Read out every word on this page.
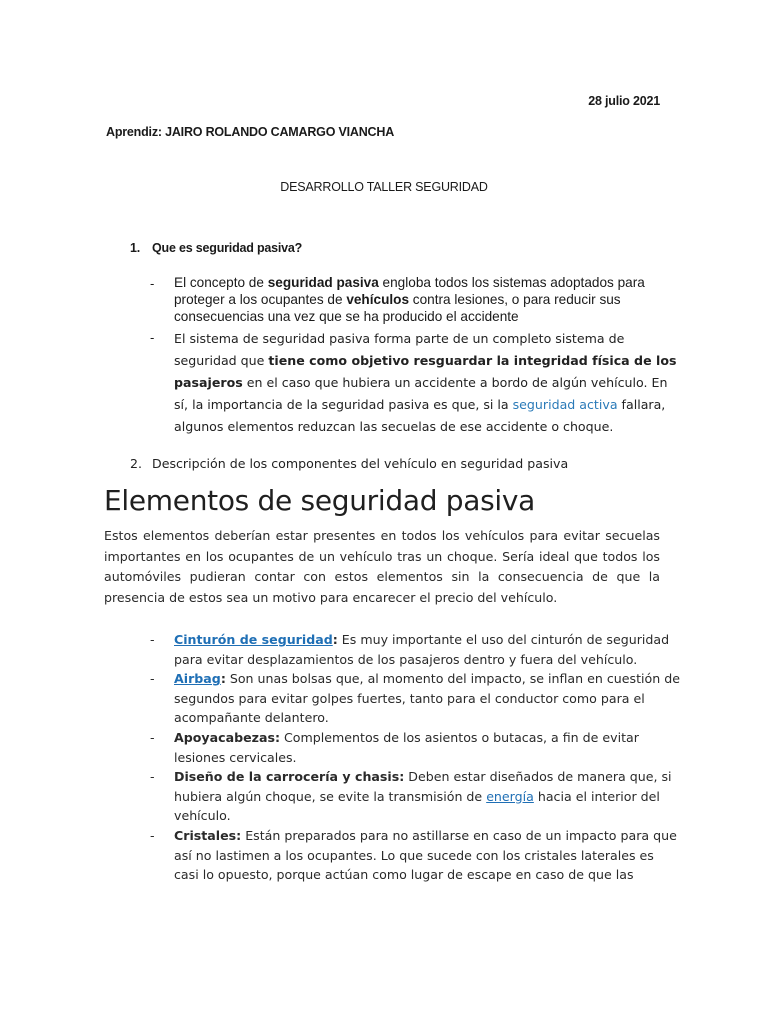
28 julio 2021
Aprendiz: JAIRO ROLANDO CAMARGO VIANCHA
DESARROLLO TALLER SEGURIDAD
1. Que es seguridad pasiva?
- El concepto de seguridad pasiva engloba todos los sistemas adoptados para proteger a los ocupantes de vehículos contra lesiones, o para reducir sus consecuencias una vez que se ha producido el accidente
- El sistema de seguridad pasiva forma parte de un completo sistema de seguridad que tiene como objetivo resguardar la integridad física de los pasajeros en el caso que hubiera un accidente a bordo de algún vehículo. En sí, la importancia de la seguridad pasiva es que, si la seguridad activa fallara, algunos elementos reduzcan las secuelas de ese accidente o choque.
2. Descripción de los componentes del vehículo en seguridad pasiva
Elementos de seguridad pasiva
Estos elementos deberían estar presentes en todos los vehículos para evitar secuelas importantes en los ocupantes de un vehículo tras un choque. Sería ideal que todos los automóviles pudieran contar con estos elementos sin la consecuencia de que la presencia de estos sea un motivo para encarecer el precio del vehículo.

- Cinturón de seguridad: Es muy importante el uso del cinturón de seguridad para evitar desplazamientos de los pasajeros dentro y fuera del vehículo.

- Airbag: Son unas bolsas que, al momento del impacto, se inflan en cuestión de segundos para evitar golpes fuertes, tanto para el conductor como para el acompañante delantero.

- Apoyacabezas: Complementos de los asientos o butacas, a fin de evitar lesiones cervicales.

- Diseño de la carrocería y chasis: Deben estar diseñados de manera que, si hubiera algún choque, se evite la transmisión de energía hacia el interior del vehículo.

- Cristales: Están preparados para no astillarse en caso de un impacto para que así no lastimen a los ocupantes. Lo que sucede con los cristales laterales es casi lo opuesto, porque actúan como lugar de escape en caso de que las
